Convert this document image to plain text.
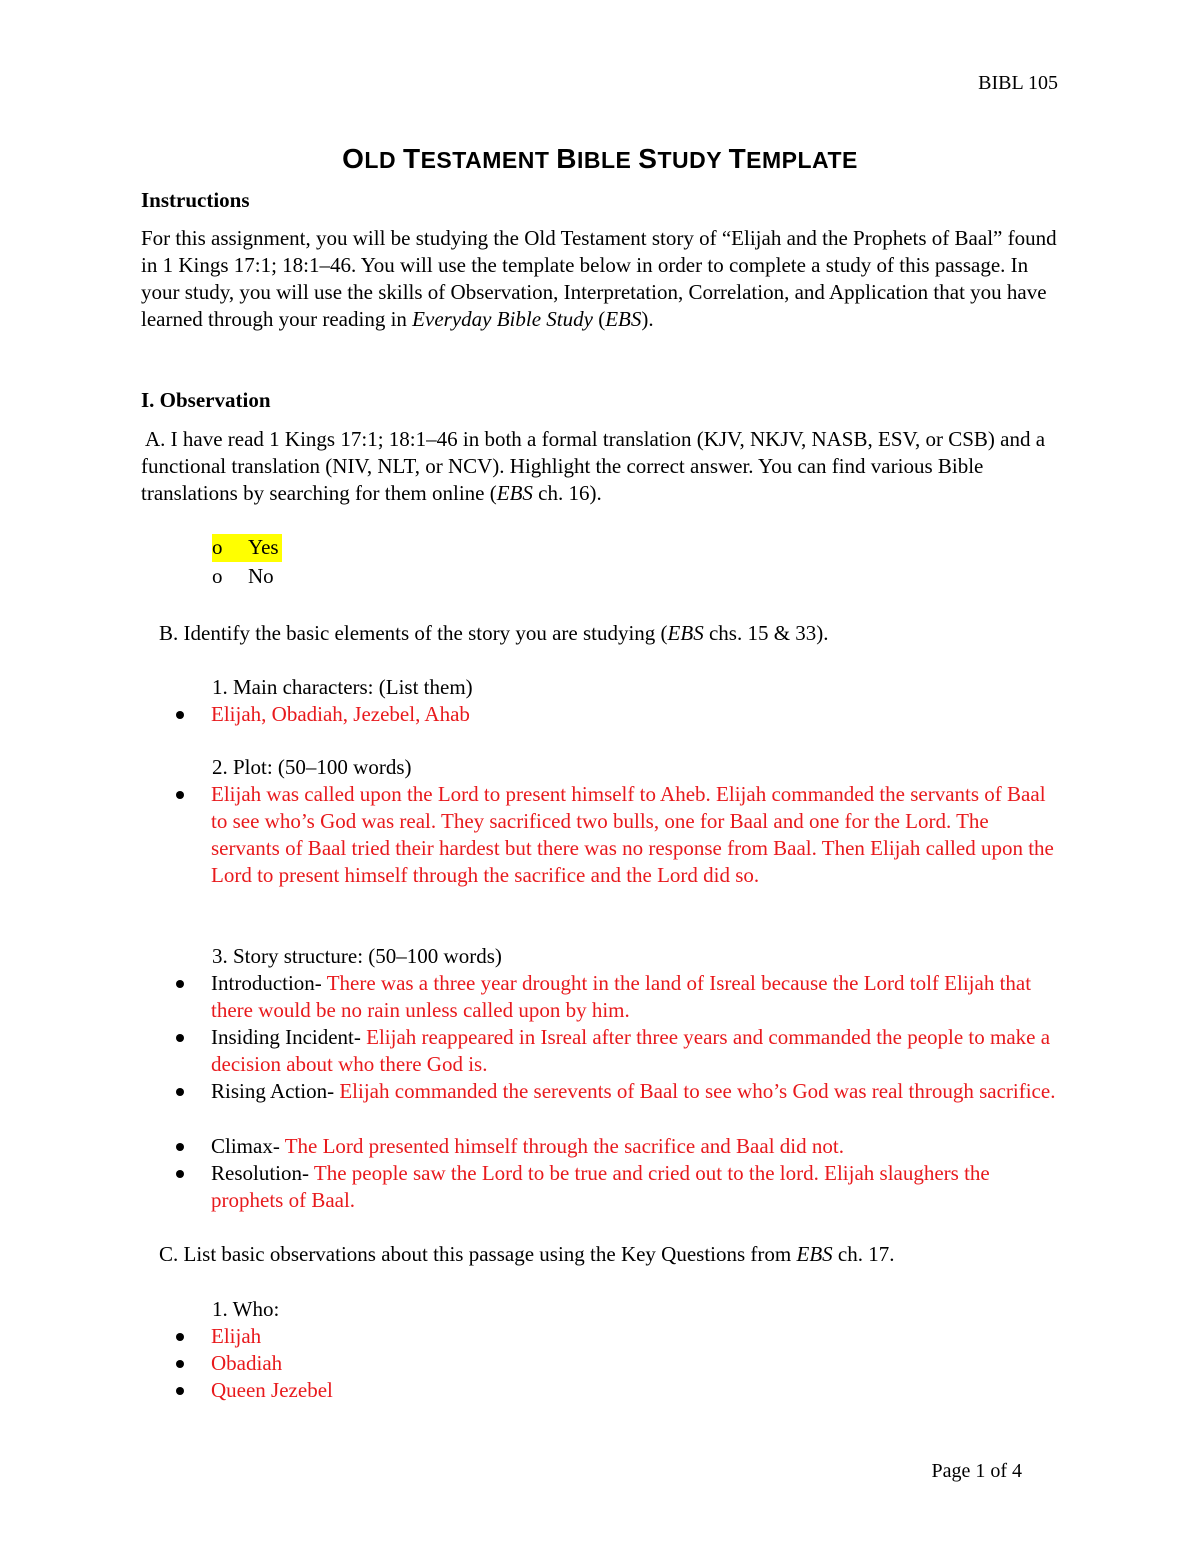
BIBL 105
OLD TESTAMENT BIBLE STUDY TEMPLATE
Instructions
For this assignment, you will be studying the Old Testament story of “Elijah and the Prophets of Baal” found in 1 Kings 17:1; 18:1–46. You will use the template below in order to complete a study of this passage. In your study, you will use the skills of Observation, Interpretation, Correlation, and Application that you have learned through your reading in Everyday Bible Study (EBS).
I. Observation
A. I have read 1 Kings 17:1; 18:1–46 in both a formal translation (KJV, NKJV, NASB, ESV, or CSB) and a functional translation (NIV, NLT, or NCV). Highlight the correct answer. You can find various Bible translations by searching for them online (EBS ch. 16).
o Yes
o No
B. Identify the basic elements of the story you are studying (EBS chs. 15 & 33).
1. Main characters: (List them)
Elijah, Obadiah, Jezebel, Ahab
2. Plot: (50–100 words)
Elijah was called upon the Lord to present himself to Aheb. Elijah commanded the servants of Baal to see who’s God was real. They sacrificed two bulls, one for Baal and one for the Lord. The servants of Baal tried their hardest but there was no response from Baal. Then Elijah called upon the Lord to present himself through the sacrifice and the Lord did so.
3. Story structure: (50–100 words)
Introduction- There was a three year drought in the land of Isreal because the Lord tolf Elijah that there would be no rain unless called upon by him.
Insiding Incident- Elijah reappeared in Isreal after three years and commanded the people to make a decision about who there God is.
Rising Action- Elijah commanded the serevents of Baal to see who’s God was real through sacrifice.
Climax- The Lord presented himself through the sacrifice and Baal did not.
Resolution- The people saw the Lord to be true and cried out to the lord. Elijah slaughers the prophets of Baal.
C. List basic observations about this passage using the Key Questions from EBS ch. 17.
1. Who:
Elijah
Obadiah
Queen Jezebel
Page 1 of 4
